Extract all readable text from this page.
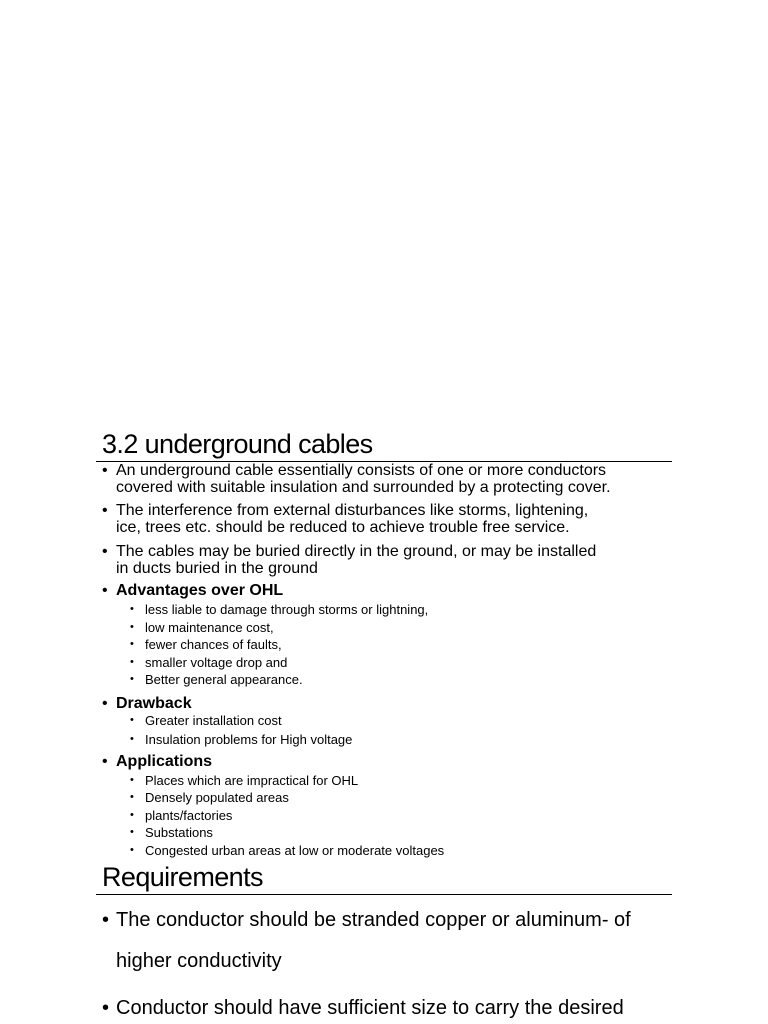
3.2 underground cables
• An underground cable essentially consists of one or more conductors
covered with suitable insulation and surrounded by a protecting cover.
• The interference from external disturbances like storms, lightening,
ice, trees etc. should be reduced to achieve trouble free service.
• The cables may be buried directly in the ground, or may be installed
in ducts buried in the ground
• Advantages over OHL
• less liable to damage through storms or lightning,
• low maintenance cost,
• fewer chances of faults,
• smaller voltage drop and
• Better general appearance.
• Drawback
• Greater installation cost
• Insulation problems for High voltage
• Applications
• Places which are impractical for OHL
• Densely populated areas
• plants/factories
• Substations
• Congested urban areas at low or moderate voltages
Requirements
• The conductor should be stranded copper or aluminum- of
higher conductivity
• Conductor should have sufficient size to carry the desired
